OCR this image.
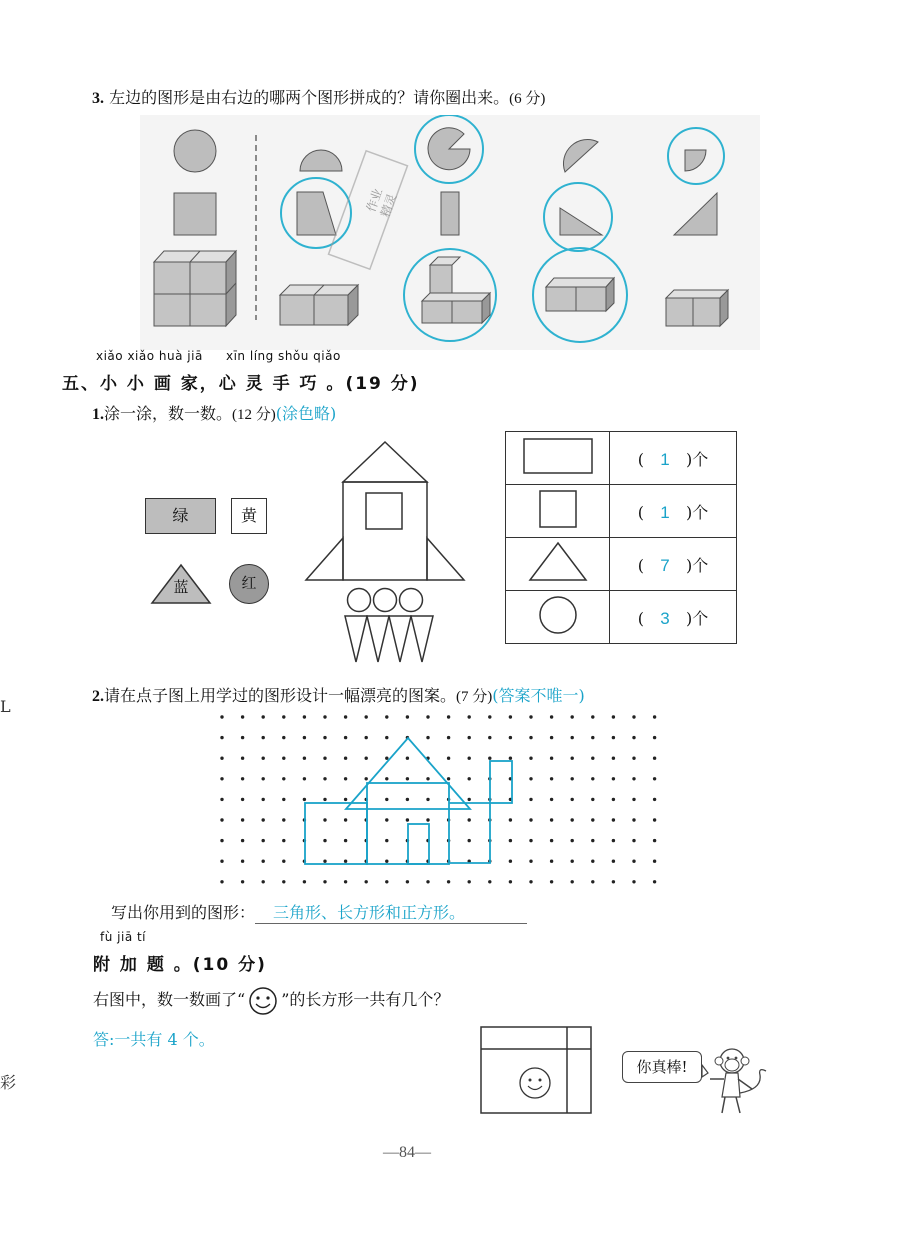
3. 左边的图形是由右边的哪两个图形拼成的？请你圈出来。(6 分)
作业
精灵
xiǎo xiǎo huà jiā xīn líng shǒu qiǎo
五、小 小 画 家，心 灵 手 巧 。(19 分)
1.涂一涂，数一数。(12 分)(涂色略)
绿	黄
蓝	红
	( 1 )个
	( 1 )个
	( 7 )个
	( 3 )个
L
彩
2.请在点子图上用学过的图形设计一幅漂亮的图案。(7 分)(答案不唯一)
写出你用到的图形： 三角形、长方形和正方形。
fù jiā tí
附 加 题 。(10 分)
右图中，数一数画了“ ”的长方形一共有几个？
答:一共有 4 个。
你真棒!
—84—
